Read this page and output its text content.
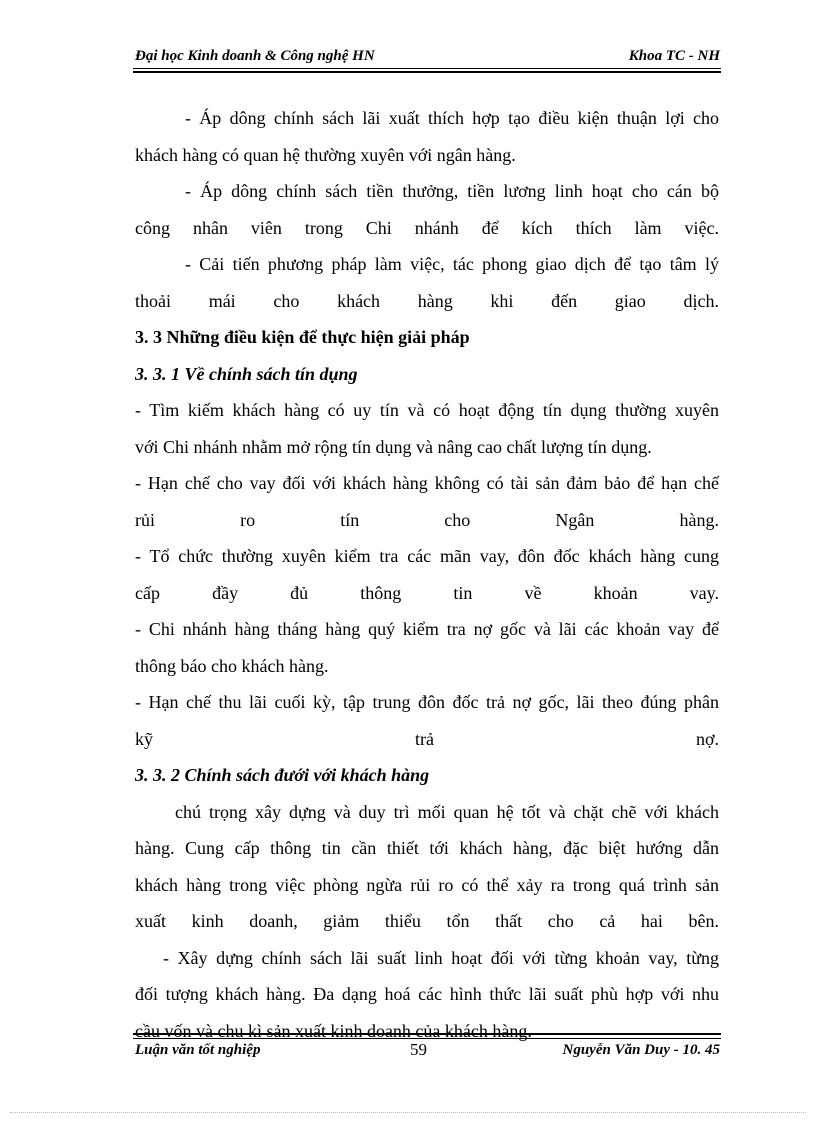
Đại học Kinh doanh & Công nghệ HN	Khoa TC - NH
- Áp dông chính sách lãi xuất thích hợp tạo điều kiện thuận lợi cho
khách hàng có quan hệ thường xuyên với ngân hàng.
- Áp dông chính sách tiền thưởng, tiền lương linh hoạt cho cán bộ
công nhân viên trong Chi nhánh để kích thích làm việc.
- Cải tiến phương pháp làm việc, tác phong giao dịch để tạo tâm lý
thoải mái cho khách hàng khi đến giao dịch.
3. 3 Những điều kiện để thực hiện giải pháp
3. 3. 1 Về chính sách tín dụng
- Tìm kiếm khách hàng có uy tín và có hoạt động tín dụng thường xuyên
với Chi nhánh nhằm mở rộng tín dụng và nâng cao chất lượng tín dụng.
- Hạn chế cho vay đối với khách hàng không có tài sản đảm bảo để hạn chế
rủi ro tín cho Ngân hàng.
- Tổ chức thường xuyên kiểm tra các mãn vay, đôn đốc khách hàng cung
cấp đầy đủ thông tin về khoản vay.
- Chi nhánh hàng tháng hàng quý kiểm tra nợ gốc và lãi các khoản vay để
thông báo cho khách hàng.
- Hạn chế thu lãi cuối kỳ, tập trung đôn đốc trả nợ gốc, lãi theo đúng phân
kỹ trả nợ.
3. 3. 2 Chính sách đưới với khách hàng
chú trọng xây dựng và duy trì mối quan hệ tốt và chặt chẽ với khách
hàng. Cung cấp thông tin cần thiết tới khách hàng, đặc biệt hướng dẫn
khách hàng trong việc phòng ngừa rủi ro có thể xảy ra trong quá trình sản
xuất kinh doanh, giảm thiểu tổn thất cho cả hai bên.
- Xây dựng chính sách lãi suất linh hoạt đối với từng khoản vay, từng
đối tượng khách hàng. Đa dạng hoá các hình thức lãi suất phù hợp với nhu
cầu vốn và chu kì sản xuất kinh doanh của khách hàng.
Luận văn tốt nghiệp	59	Nguyễn Văn Duy - 10. 45
